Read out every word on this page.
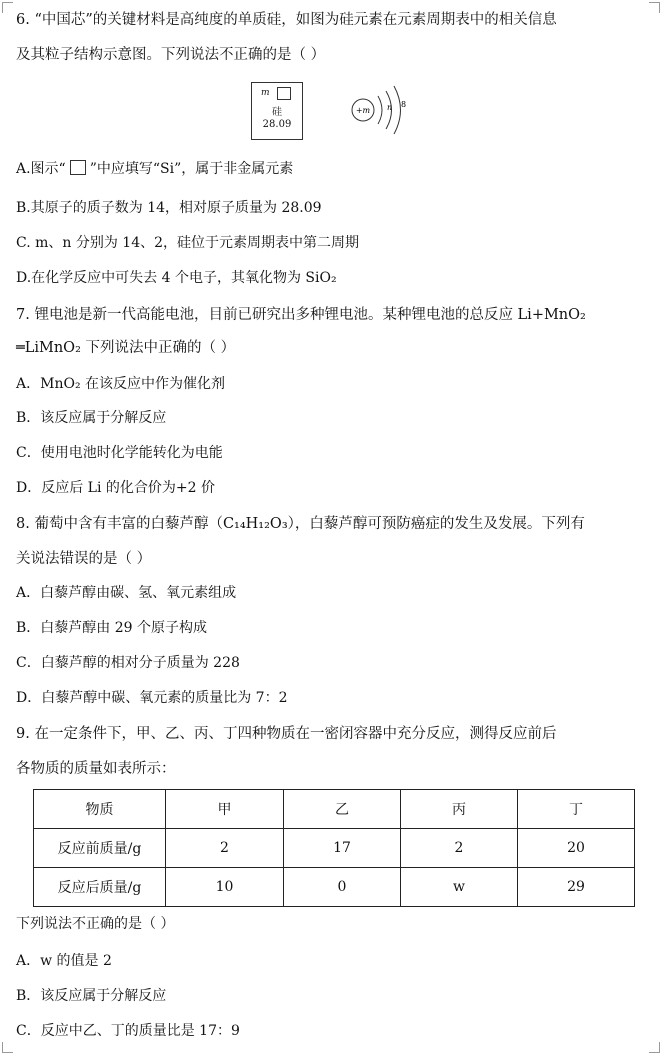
6. “中国芯”的关键材料是高纯度的单质硅，如图为硅元素在元素周期表中的相关信息
及其粒子结构示意图。下列说法不正确的是（ ）
m
硅
28.09
+m n 8
A.图示“ ”中应填写“Si”，属于非金属元素
B.其原子的质子数为 14，相对原子质量为 28.09
C. m、n 分别为 14、2，硅位于元素周期表中第二周期
D.在化学反应中可失去 4 个电子，其氧化物为 SiO₂
7. 锂电池是新一代高能电池，目前已研究出多种锂电池。某种锂电池的总反应 Li+MnO₂
═LiMnO₂ 下列说法中正确的（ ）
A．MnO₂ 在该反应中作为催化剂
B．该反应属于分解反应
C．使用电池时化学能转化为电能
D．反应后 Li 的化合价为+2 价
8. 葡萄中含有丰富的白藜芦醇（C₁₄H₁₂O₃），白藜芦醇可预防癌症的发生及发展。下列有
关说法错误的是（ ）
A．白藜芦醇由碳、氢、氧元素组成
B．白藜芦醇由 29 个原子构成
C．白藜芦醇的相对分子质量为 228
D．白藜芦醇中碳、氧元素的质量比为 7：2
9. 在一定条件下，甲、乙、丙、丁四种物质在一密闭容器中充分反应，测得反应前后
各物质的质量如表所示：
物质	甲	乙	丙	丁
反应前质量/g	2	17	2	20
反应后质量/g	10	0	w	29
下列说法不正确的是（ ）
A．w 的值是 2
B．该反应属于分解反应
C．反应中乙、丁的质量比是 17：9
